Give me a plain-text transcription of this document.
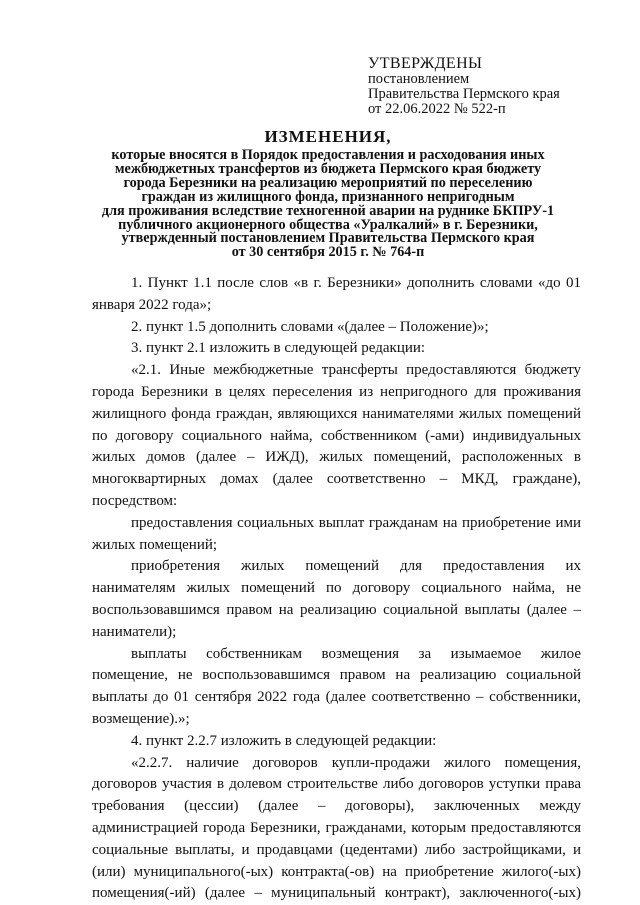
УТВЕРЖДЕНЫ
постановлением
Правительства Пермского края
от 22.06.2022 № 522-п
ИЗМЕНЕНИЯ,
которые вносятся в Порядок предоставления и расходования иных
межбюджетных трансфертов из бюджета Пермского края бюджету
города Березники на реализацию мероприятий по переселению
граждан из жилищного фонда, признанного непригодным
для проживания вследствие техногенной аварии на руднике БКПРУ-1
публичного акционерного общества «Уралкалий» в г. Березники,
утвержденный постановлением Правительства Пермского края
от 30 сентября 2015 г. № 764-п

1. Пункт 1.1 после слов «в г. Березники» дополнить словами «до 01 января 2022 года»;

2. пункт 1.5 дополнить словами «(далее – Положение)»;

3. пункт 2.1 изложить в следующей редакции:

«2.1. Иные межбюджетные трансферты предоставляются бюджету города Березники в целях переселения из непригодного для проживания жилищного фонда граждан, являющихся нанимателями жилых помещений по договору социального найма, собственником (-ами) индивидуальных жилых домов (далее – ИЖД), жилых помещений, расположенных в многоквартирных домах (далее соответственно – МКД, граждане), посредством:

предоставления социальных выплат гражданам на приобретение ими жилых помещений;

приобретения жилых помещений для предоставления их нанимателям жилых помещений по договору социального найма, не воспользовавшимся правом на реализацию социальной выплаты (далее – наниматели);

выплаты собственникам возмещения за изымаемое жилое помещение, не воспользовавшимся правом на реализацию социальной выплаты до 01 сентября 2022 года (далее соответственно – собственники, возмещение).»;

4. пункт 2.2.7 изложить в следующей редакции:

«2.2.7. наличие договоров купли-продажи жилого помещения, договоров участия в долевом строительстве либо договоров уступки права требования (цессии) (далее – договоры), заключенных между администрацией города Березники, гражданами, которым предоставляются социальные выплаты, и продавцами (цедентами) либо застройщиками, и (или) муниципального(-ых) контракта(-ов) на приобретение жилого(-ых) помещения(-ий) (далее – муниципальный контракт), заключенного(-ых)
